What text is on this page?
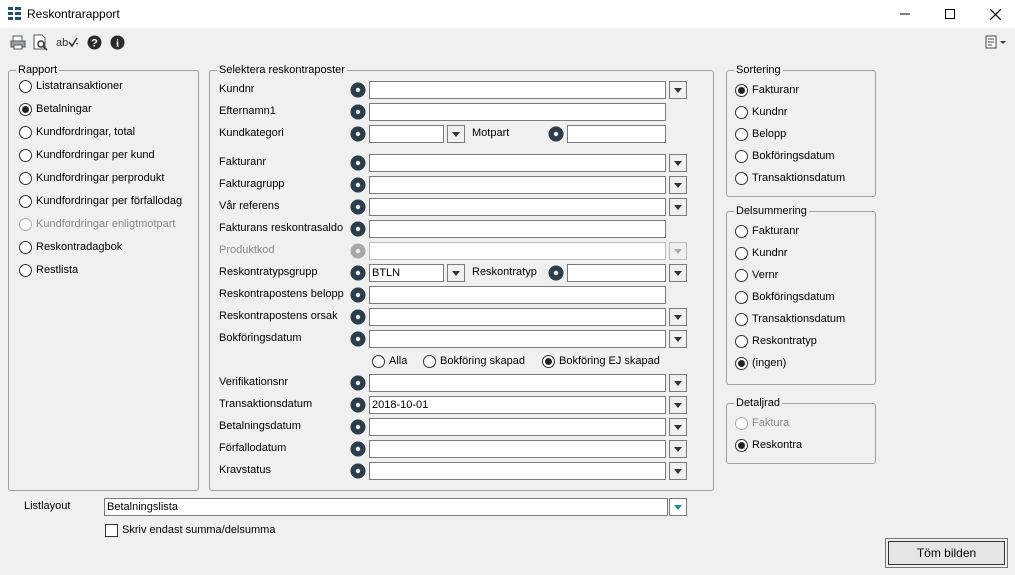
Reskontrarapport
ab ? i
Rapport
Listatransaktioner
Betalningar
Kundfordringar, total
Kundfordringar per kund
Kundfordringar perprodukt
Kundfordringar per förfallodag
Kundfordringar enligtmotpart
Reskontradagbok
Restlista
Selektera reskontraposter
Kundnr
Efternamn1
Kundkategori	Motpart
Fakturanr
Fakturagrupp
Vår referens
Fakturans reskontrasaldo
Produktkod
Reskontratypsgrupp	BTLN	Reskontratyp
Reskontrapostens belopp
Reskontrapostens orsak
Bokföringsdatum
Alla	Bokföring skapad	Bokföring EJ skapad
Verifikationsnr
Transaktionsdatum	2018-10-01
Betalningsdatum
Förfallodatum
Kravstatus
Sortering
Fakturanr
Kundnr
Belopp
Bokföringsdatum
Transaktionsdatum
Delsummering
Fakturanr
Kundnr
Vernr
Bokföringsdatum
Transaktionsdatum
Reskontratyp
(ingen)
Detaljrad
Faktura
Reskontra
Listlayout	Betalningslista
Skriv endast summa/delsumma
Töm bilden
